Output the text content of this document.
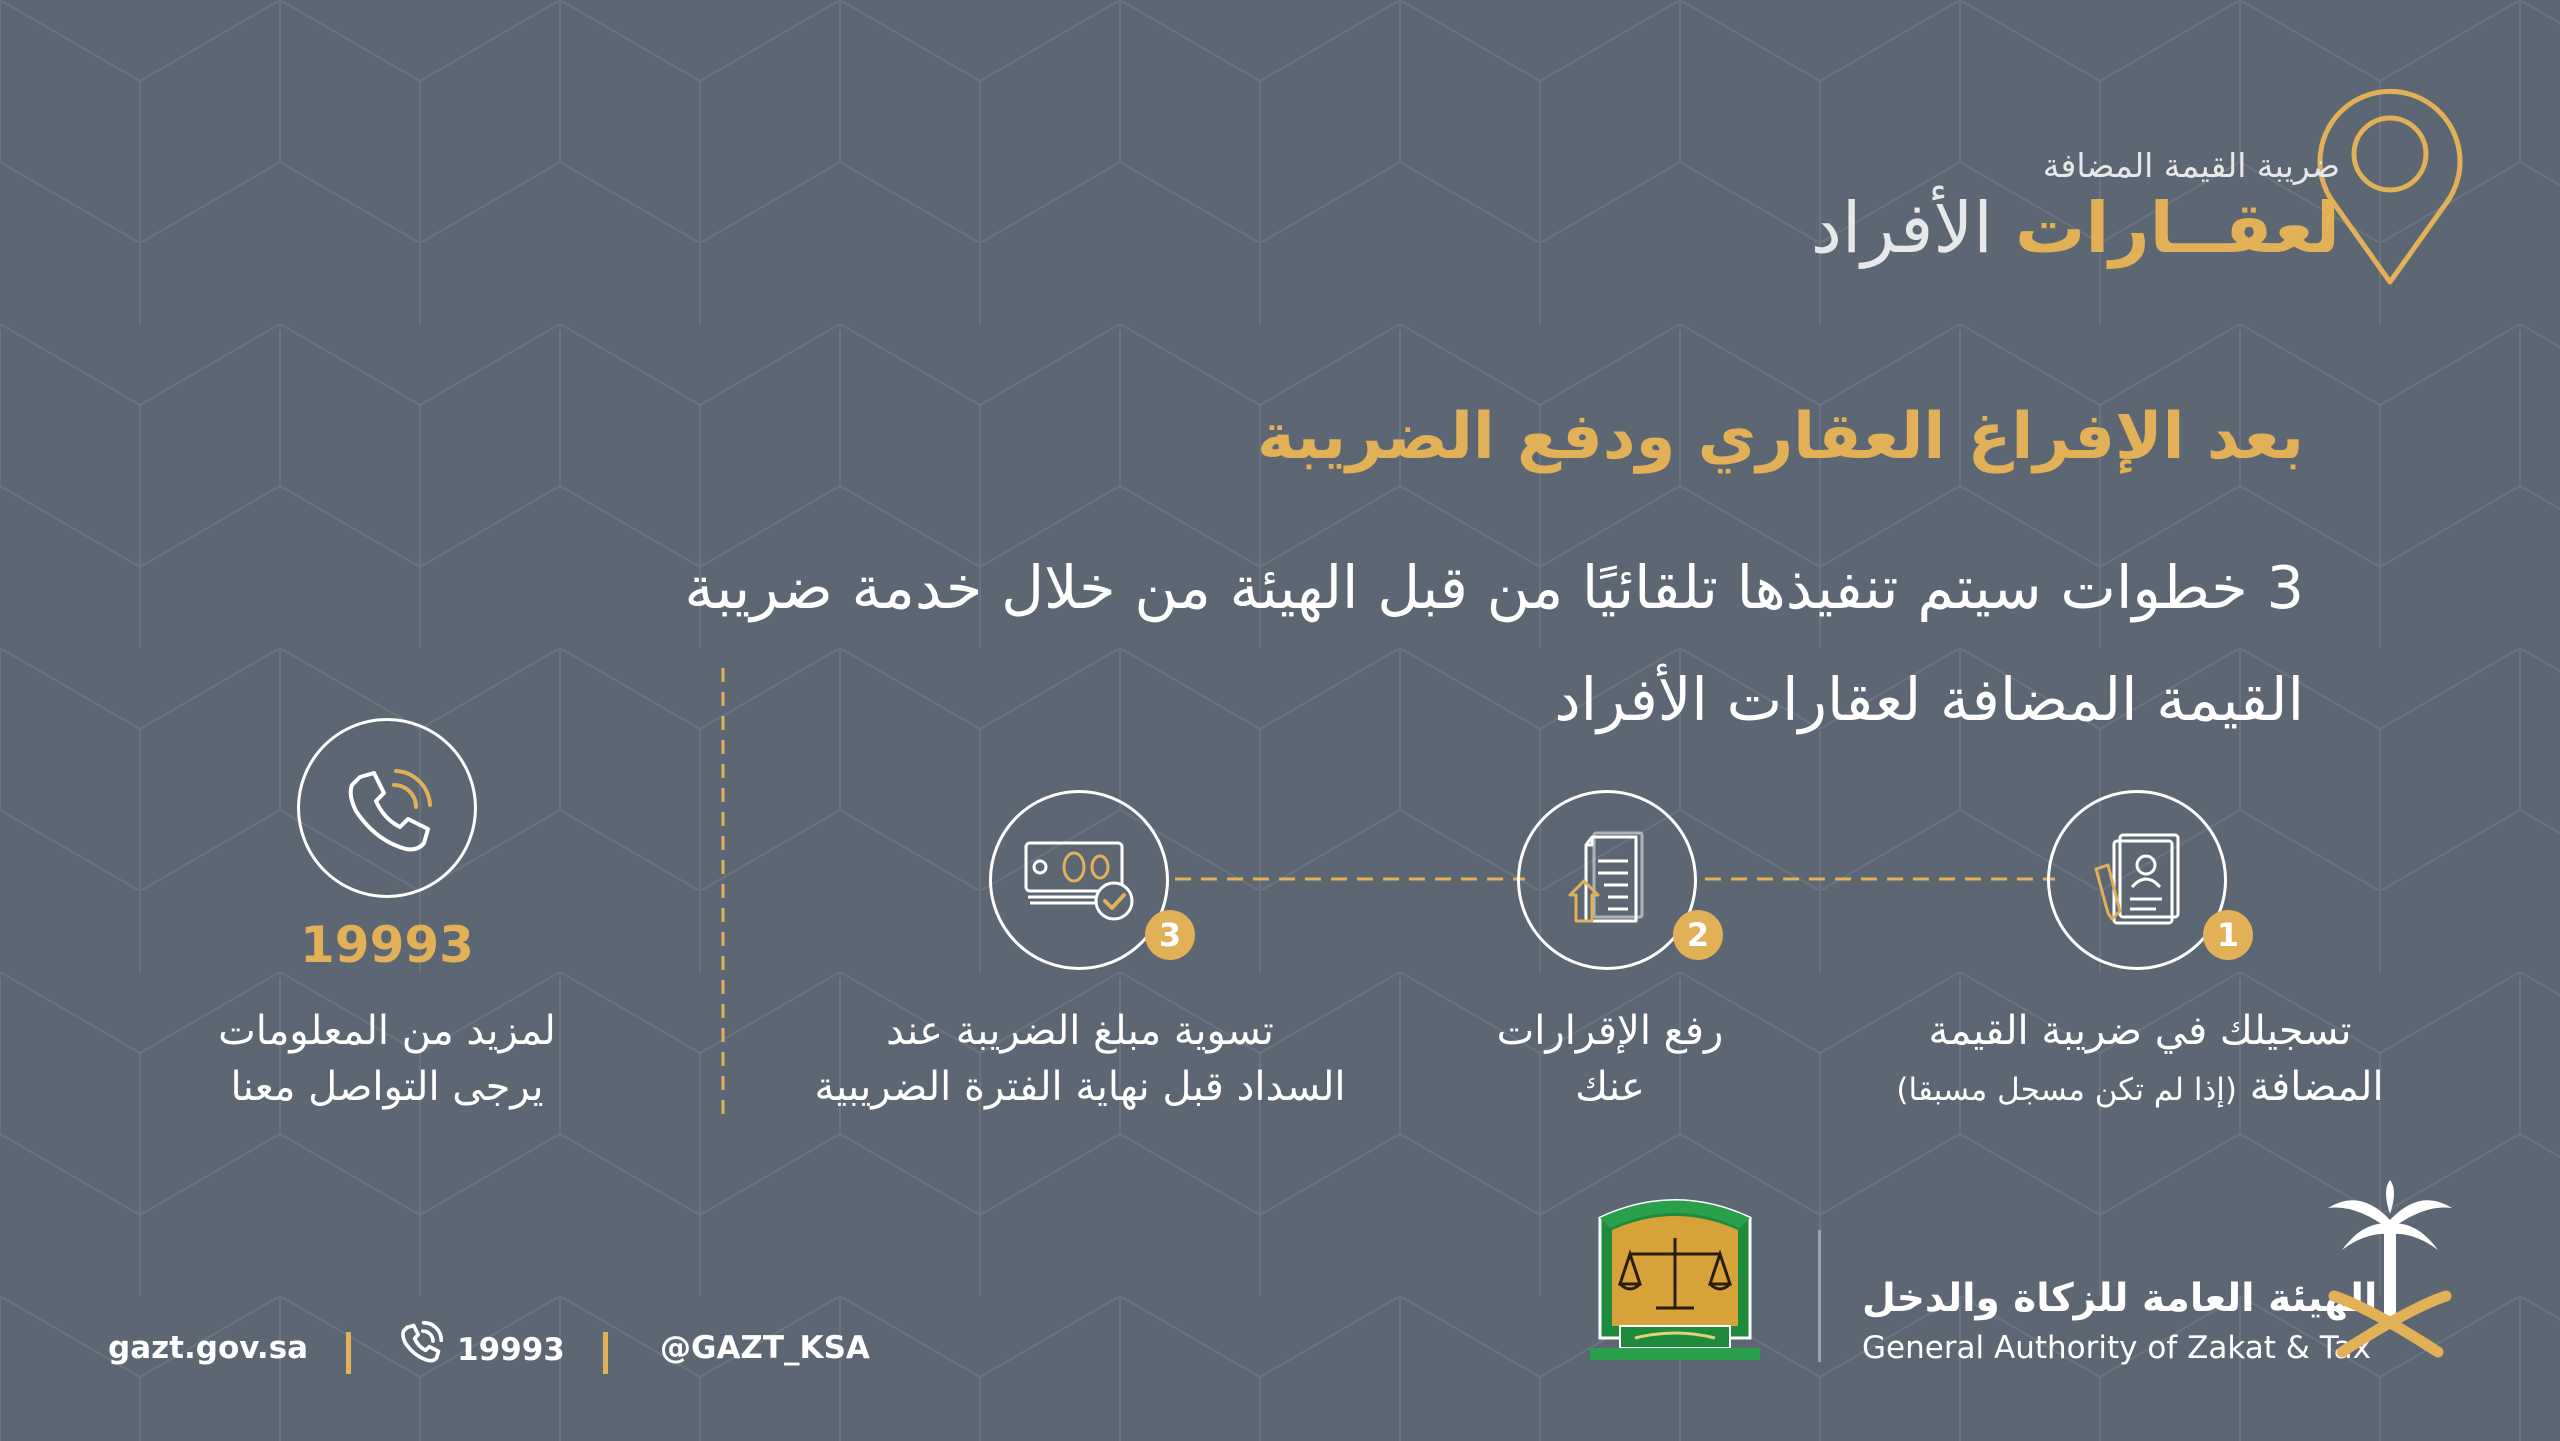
ضريبة القيمة المضافة
لعقــارات الأفراد
بعد الإفراغ العقاري ودفع الضريبة
3 خطوات سيتم تنفيذها تلقائيًا من قبل الهيئة من خلال خدمة ضريبة القيمة المضافة لعقارات الأفراد
1
تسجيلك في ضريبة القيمة
المضافة (إذا لم تكن مسجل مسبقا)
2
رفع الإقرارات
عنك
3
تسوية مبلغ الضريبة عند
السداد قبل نهاية الفترة الضريبية
19993
لمزيد من المعلومات
يرجى التواصل معنا
gazt.gov.sa	19993	@GAZT_KSA
الهيئة العامة للزكاة والدخل
General Authority of Zakat & Tax
